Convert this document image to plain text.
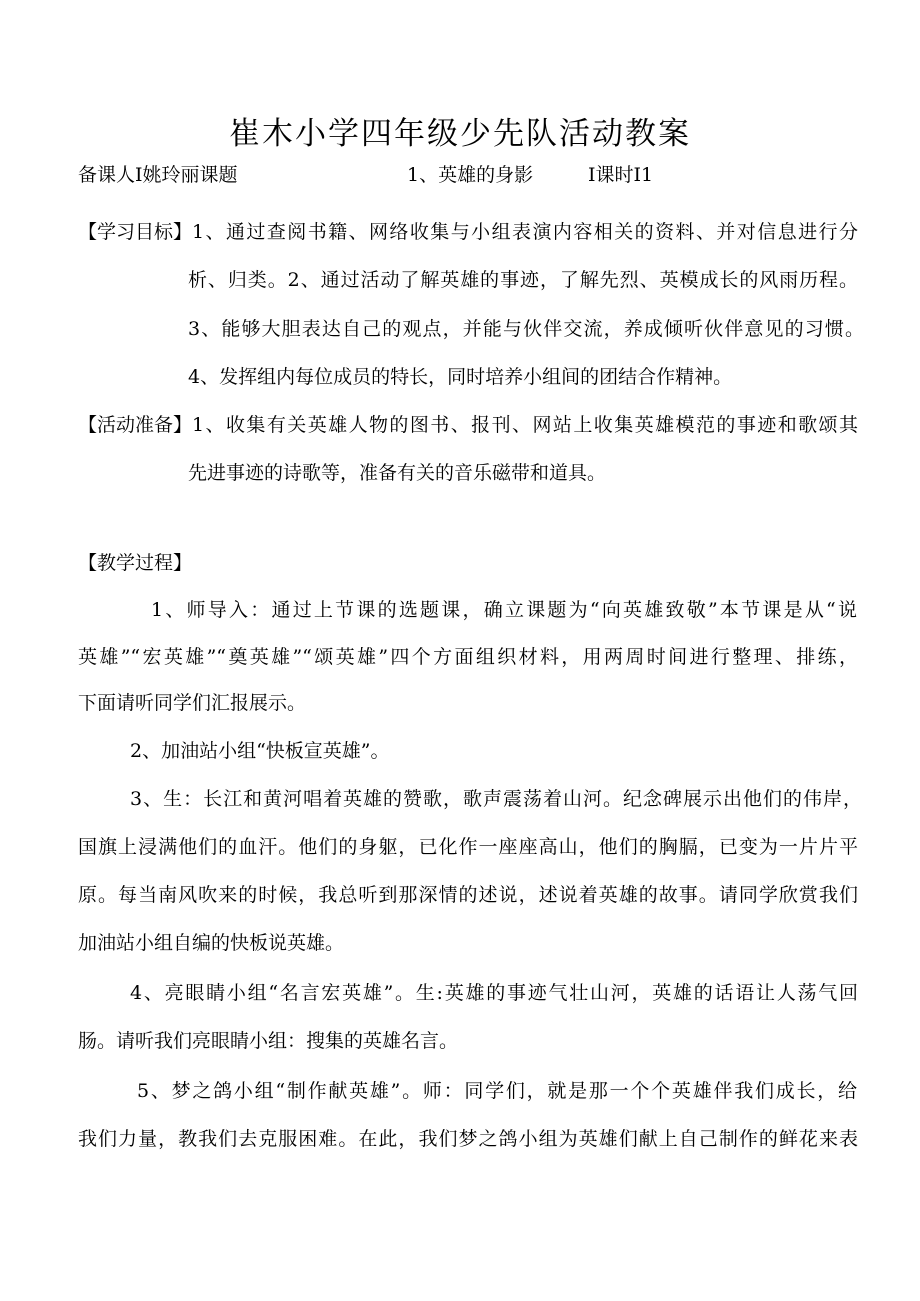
崔木小学四年级少先队活动教案
备课人I姚玲丽课题	1、英雄的身影	I课时I1
【学习目标】 1、通过查阅书籍、网络收集与小组表演内容相关的资料、并对信息进行分
析、归类。2、通过活动了解英雄的事迹，了解先烈、英模成长的风雨历程。
3、能够大胆表达自己的观点，并能与伙伴交流，养成倾听伙伴意见的习惯。
4、发挥组内每位成员的特长，同时培养小组间的团结合作精神。
【活动准备】 1、收集有关英雄人物的图书、报刊、网站上收集英雄模范的事迹和歌颂其
先进事迹的诗歌等，准备有关的音乐磁带和道具。
【教学过程】
1、师导入：通过上节课的选题课，确立课题为“向英雄致敬”本节课是从“说
英雄”“宏英雄”“奠英雄”“颂英雄”四个方面组织材料，用两周时间进行整理、排练，
下面请听同学们汇报展示。
2、加油站小组“快板宣英雄”。
3、生：长江和黄河唱着英雄的赞歌，歌声震荡着山河。纪念碑展示出他们的伟岸，
国旗上浸满他们的血汗。他们的身躯，已化作一座座高山，他们的胸膈，已变为一片片平
原。每当南风吹来的时候，我总听到那深情的述说，述说着英雄的故事。请同学欣赏我们
加油站小组自编的快板说英雄。
4、亮眼睛小组“名言宏英雄”。生:英雄的事迹气壮山河，英雄的话语让人荡气回
肠。请听我们亮眼睛小组：搜集的英雄名言。
5、梦之鸽小组“制作献英雄”。师：同学们，就是那一个个英雄伴我们成长，给
我们力量，教我们去克服困难。在此，我们梦之鸽小组为英雄们献上自己制作的鲜花来表
